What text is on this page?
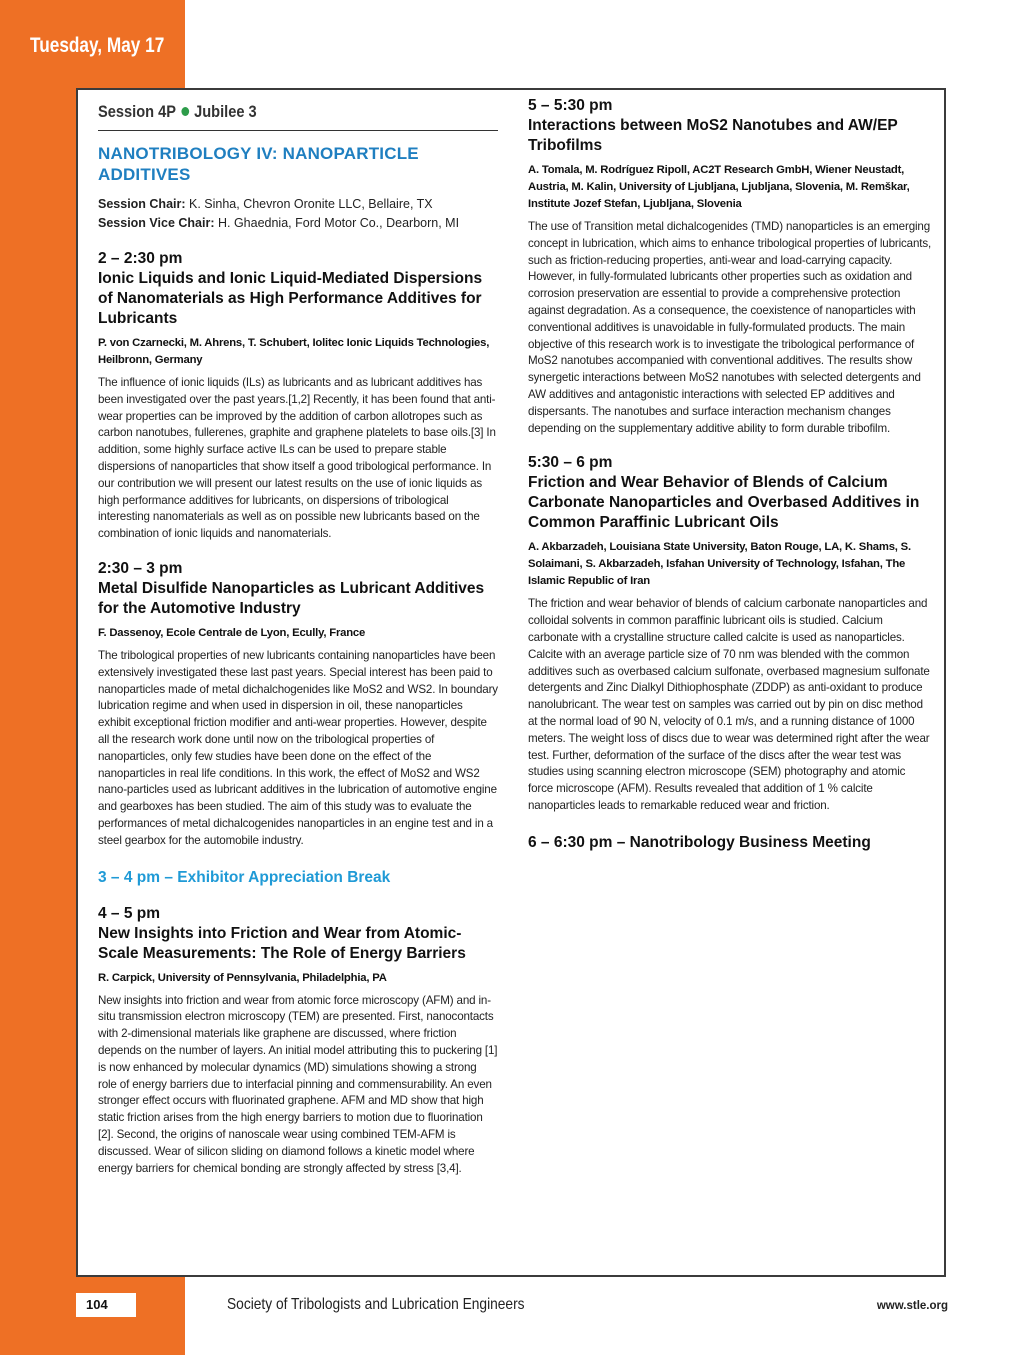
Tuesday, May 17
Session 4P Jubilee 3
NANOTRIBOLOGY IV: NANOPARTICLE
ADDITIVES
Session Chair: K. Sinha, Chevron Oronite LLC, Bellaire, TX
Session Vice Chair: H. Ghaednia, Ford Motor Co., Dearborn, MI
2 – 2:30 pm
Ionic Liquids and Ionic Liquid-Mediated Dispersions of Nanomaterials as High Performance Additives for Lubricants
P. von Czarnecki, M. Ahrens, T. Schubert, Iolitec Ionic Liquids Technologies, Heilbronn, Germany
The influence of ionic liquids (ILs) as lubricants and as lubricant additives has been investigated over the past years.[1,2] Recently, it has been found that anti-wear properties can be improved by the addition of carbon allotropes such as carbon nanotubes, fullerenes, graphite and graphene platelets to base oils.[3] In addition, some highly surface active ILs can be used to prepare stable dispersions of nanoparticles that show itself a good tribological performance. In our contribution we will present our latest results on the use of ionic liquids as high performance additives for lubricants, on dispersions of tribological interesting nanomaterials as well as on possible new lubricants based on the combination of ionic liquids and nanomaterials.
2:30 – 3 pm
Metal Disulfide Nanoparticles as Lubricant Additives for the Automotive Industry
F. Dassenoy, Ecole Centrale de Lyon, Ecully, France
The tribological properties of new lubricants containing nanoparticles have been extensively investigated these last past years. Special interest has been paid to nanoparticles made of metal dichalchogenides like MoS2 and WS2. In boundary lubrication regime and when used in dispersion in oil, these nanoparticles exhibit exceptional friction modifier and anti-wear properties. However, despite all the research work done until now on the tribological properties of nanoparticles, only few studies have been done on the effect of the nanoparticles in real life conditions. In this work, the effect of MoS2 and WS2 nano-particles used as lubricant additives in the lubrication of automotive engine and gearboxes has been studied. The aim of this study was to evaluate the performances of metal dichalcogenides nanoparticles in an engine test and in a steel gearbox for the automobile industry.
3 – 4 pm – Exhibitor Appreciation Break
4 – 5 pm
New Insights into Friction and Wear from Atomic-Scale Measurements: The Role of Energy Barriers
R. Carpick, University of Pennsylvania, Philadelphia, PA
New insights into friction and wear from atomic force microscopy (AFM) and in-situ transmission electron microscopy (TEM) are presented. First, nanocontacts with 2-dimensional materials like graphene are discussed, where friction depends on the number of layers. An initial model attributing this to puckering [1] is now enhanced by molecular dynamics (MD) simulations showing a strong role of energy barriers due to interfacial pinning and commensurability. An even stronger effect occurs with fluorinated graphene. AFM and MD show that high static friction arises from the high energy barriers to motion due to fluorination [2]. Second, the origins of nanoscale wear using combined TEM-AFM is discussed. Wear of silicon sliding on diamond follows a kinetic model where energy barriers for chemical bonding are strongly affected by stress [3,4].
5 – 5:30 pm
Interactions between MoS2 Nanotubes and AW/EP Tribofilms
A. Tomala, M. Rodríguez Ripoll, AC2T Research GmbH, Wiener Neustadt, Austria, M. Kalin, University of Ljubljana, Ljubljana, Slovenia, M. Remškar, Institute Jozef Stefan, Ljubljana, Slovenia
The use of Transition metal dichalcogenides (TMD) nanoparticles is an emerging concept in lubrication, which aims to enhance tribological properties of lubricants, such as friction-reducing properties, anti-wear and load-carrying capacity. However, in fully-formulated lubricants other properties such as oxidation and corrosion preservation are essential to provide a comprehensive protection against degradation. As a consequence, the coexistence of nanoparticles with conventional additives is unavoidable in fully-formulated products. The main objective of this research work is to investigate the tribological performance of MoS2 nanotubes accompanied with conventional additives. The results show synergetic interactions between MoS2 nanotubes with selected detergents and AW additives and antagonistic interactions with selected EP additives and dispersants. The nanotubes and surface interaction mechanism changes depending on the supplementary additive ability to form durable tribofilm.
5:30 – 6 pm
Friction and Wear Behavior of Blends of Calcium Carbonate Nanoparticles and Overbased Additives in Common Paraffinic Lubricant Oils
A. Akbarzadeh, Louisiana State University, Baton Rouge, LA, K. Shams, S. Solaimani, S. Akbarzadeh, Isfahan University of Technology, Isfahan, The Islamic Republic of Iran
The friction and wear behavior of blends of calcium carbonate nanoparticles and colloidal solvents in common paraffinic lubricant oils is studied. Calcium carbonate with a crystalline structure called calcite is used as nanoparticles. Calcite with an average particle size of 70 nm was blended with the common additives such as overbased calcium sulfonate, overbased magnesium sulfonate detergents and Zinc Dialkyl Dithiophosphate (ZDDP) as anti-oxidant to produce nanolubricant. The wear test on samples was carried out by pin on disc method at the normal load of 90 N, velocity of 0.1 m/s, and a running distance of 1000 meters. The weight loss of discs due to wear was determined right after the wear test. Further, deformation of the surface of the discs after the wear test was studies using scanning electron microscope (SEM) photography and atomic force microscope (AFM). Results revealed that addition of 1 % calcite nanoparticles leads to remarkable reduced wear and friction.
6 – 6:30 pm – Nanotribology Business Meeting
104	Society of Tribologists and Lubrication Engineers	www.stle.org
